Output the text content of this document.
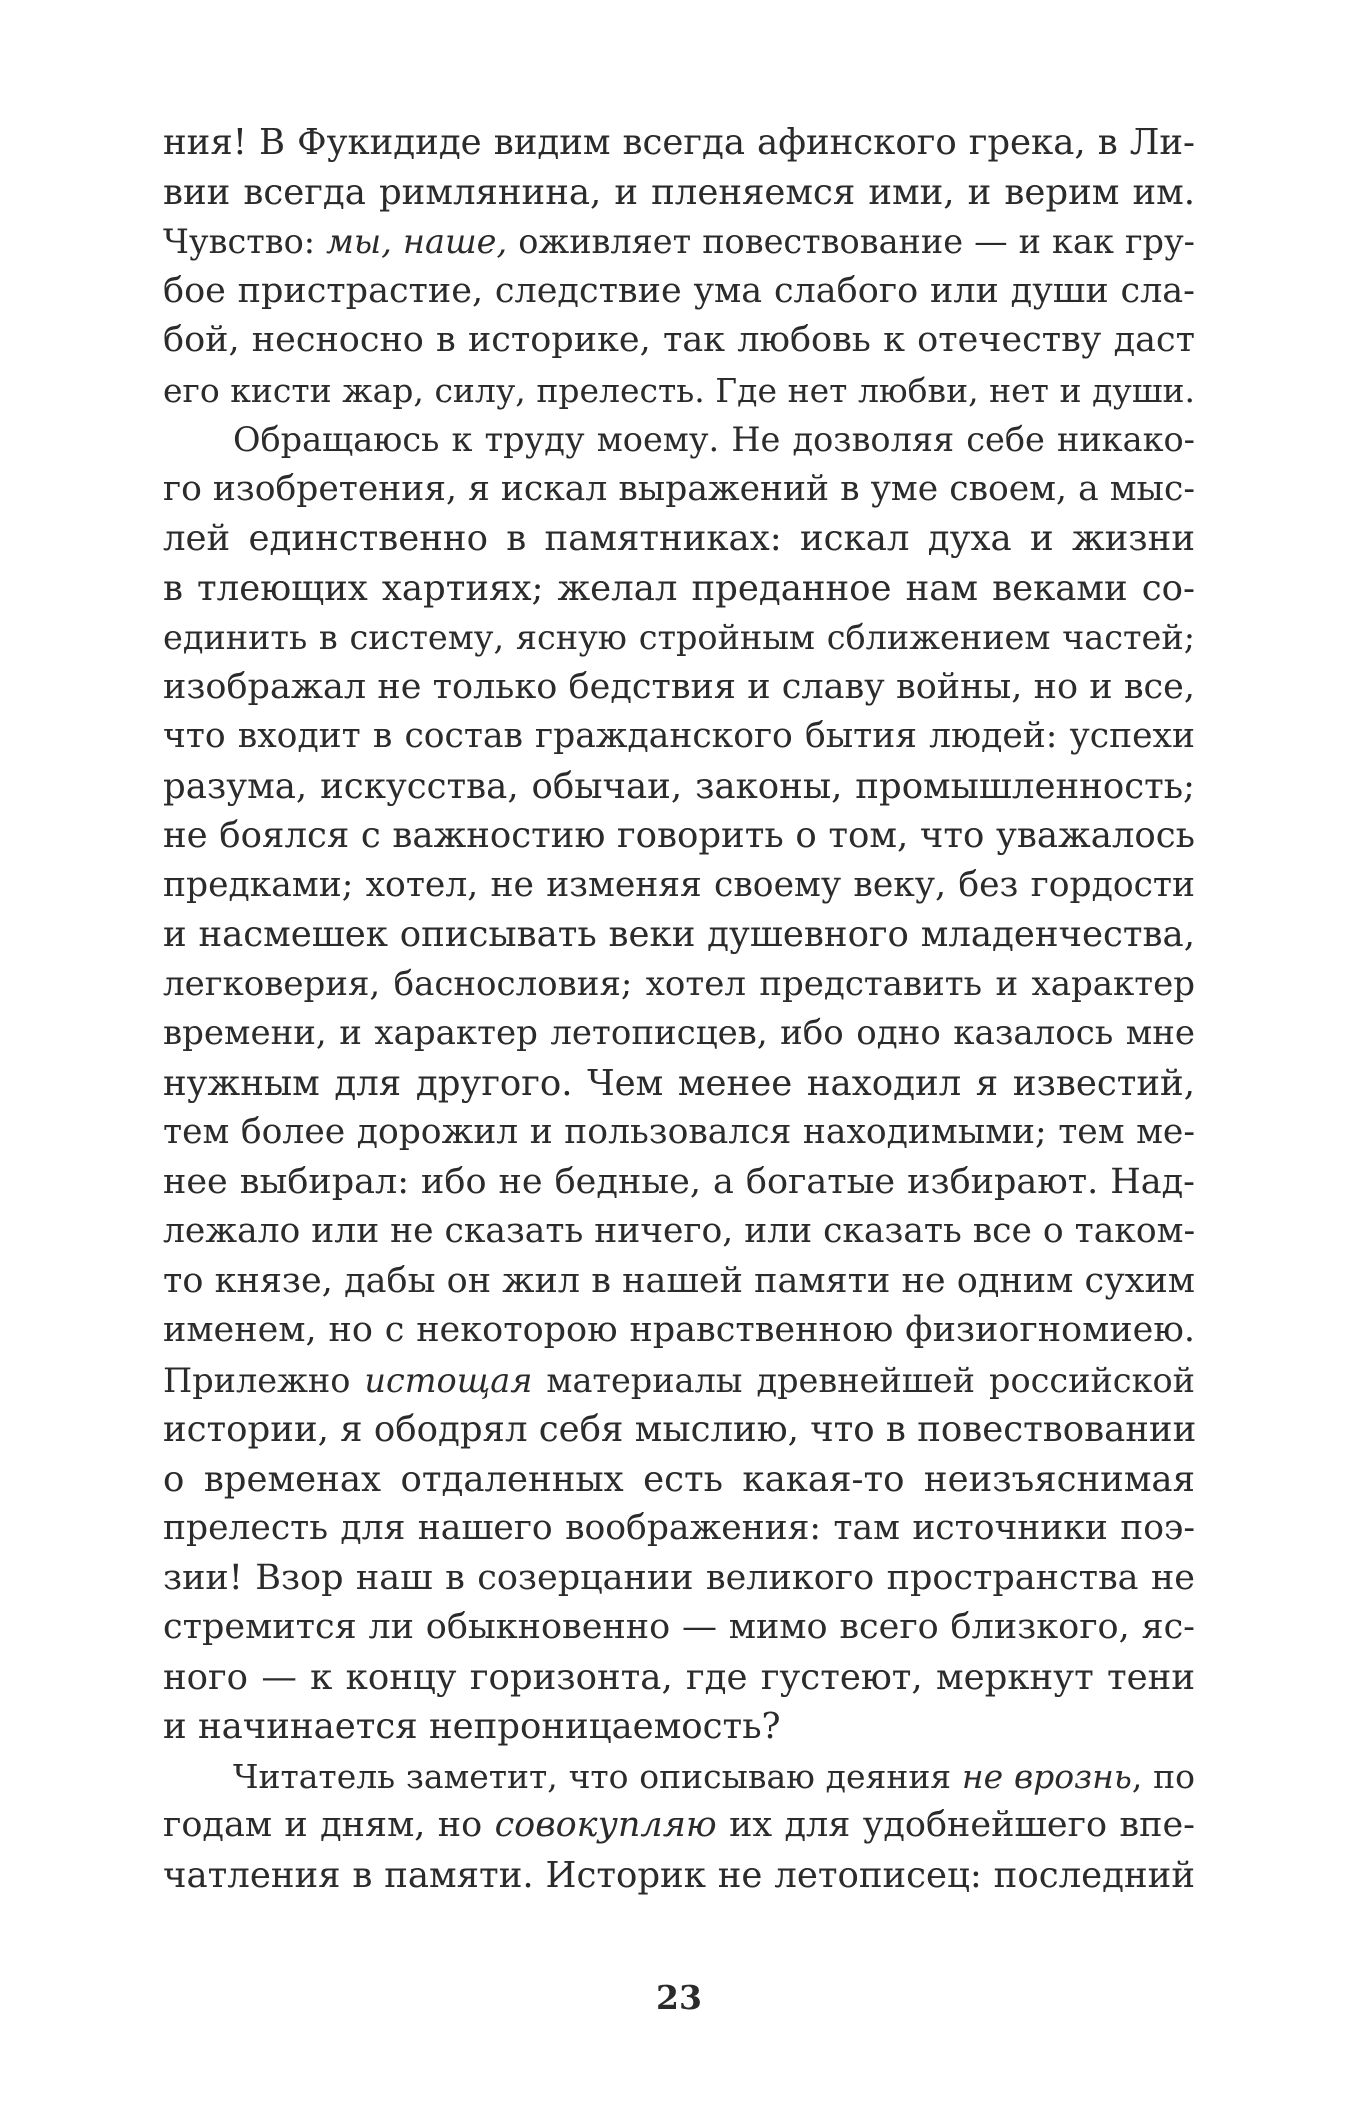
ния! В Фукидиде видим всегда афинского грека, в Ли-
вии всегда римлянина, и пленяемся ими, и верим им.
Чувство: мы, наше, оживляет повествование — и как гру-
бое пристрастие, следствие ума слабого или души сла-
бой, несносно в историке, так любовь к отечеству даст
его кисти жар, силу, прелесть. Где нет любви, нет и души.
Обращаюсь к труду моему. Не дозволяя себе никако-
го изобретения, я искал выражений в уме своем, а мыс-
лей единственно в памятниках: искал духа и жизни
в тлеющих хартиях; желал преданное нам веками со-
единить в систему, ясную стройным сближением частей;
изображал не только бедствия и славу войны, но и все,
что входит в состав гражданского бытия людей: успехи
разума, искусства, обычаи, законы, промышленность;
не боялся с важностию говорить о том, что уважалось
предками; хотел, не изменяя своему веку, без гордости
и насмешек описывать веки душевного младенчества,
легковерия, баснословия; хотел представить и характер
времени, и характер летописцев, ибо одно казалось мне
нужным для другого. Чем менее находил я известий,
тем более дорожил и пользовался находимыми; тем ме-
нее выбирал: ибо не бедные, а богатые избирают. Над-
лежало или не сказать ничего, или сказать все о таком-
то князе, дабы он жил в нашей памяти не одним сухим
именем, но с некоторою нравственною физиогномиею.
Прилежно истощая материалы древнейшей российской
истории, я ободрял себя мыслию, что в повествовании
о временах отдаленных есть какая-то неизъяснимая
прелесть для нашего воображения: там источники поэ-
зии! Взор наш в созерцании великого пространства не
стремится ли обыкновенно — мимо всего близкого, яс-
ного — к концу горизонта, где густеют, меркнут тени
и начинается непроницаемость?
Читатель заметит, что описываю деяния не врознь, по
годам и дням, но совокупляю их для удобнейшего впе-
чатления в памяти. Историк не летописец: последний
23
